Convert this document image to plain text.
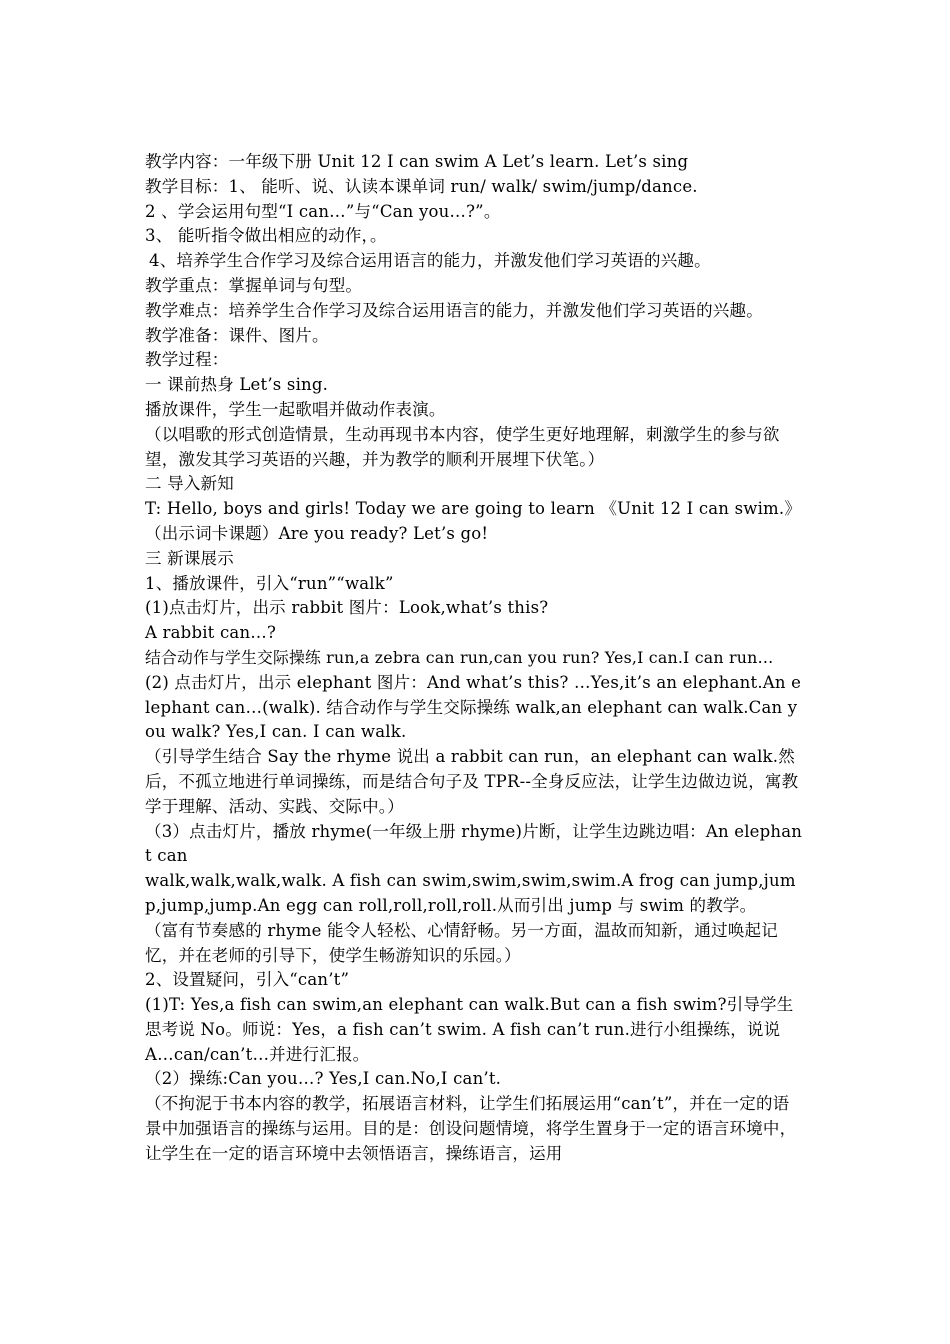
教学内容：一年级下册 Unit 12 I can swim A Let’s learn. Let’s sing

教学目标：1、 能听、说、认读本课单词 run/ walk/ swim/jump/dance.

2 、学会运用句型“I can…”与“Can you…?”。

3、 能听指令做出相应的动作，。

4、培养学生合作学习及综合运用语言的能力，并激发他们学习英语的兴趣。

教学重点：掌握单词与句型。

教学难点：培养学生合作学习及综合运用语言的能力，并激发他们学习英语的兴趣。

教学准备：课件、图片。

教学过程：

一 课前热身 Let’s sing.

播放课件，学生一起歌唱并做动作表演。

（以唱歌的形式创造情景，生动再现书本内容，使学生更好地理解，刺激学生的参与欲望，激发其学习英语的兴趣，并为教学的顺利开展埋下伏笔。）

二 导入新知

T: Hello, boys and girls! Today we are going to learn 《Unit 12 I can swim.》（出示词卡课题）Are you ready? Let’s go!

三 新课展示

1、播放课件，引入“run”“walk”

(1)点击灯片，出示 rabbit 图片：Look,what’s this?

A rabbit can…?

结合动作与学生交际操练 run,a zebra can run,can you run? Yes,I can.I can run…

(2) 点击灯片，出示 elephant 图片：And what’s this? …Yes,it’s an elephant.An elephant can…(walk). 结合动作与学生交际操练 walk,an elephant can walk.Can you walk? Yes,I can. I can walk.

（引导学生结合 Say the rhyme 说出 a rabbit can run，an elephant can walk.然后，不孤立地进行单词操练，而是结合句子及 TPR--全身反应法，让学生边做边说，寓教学于理解、活动、实践、交际中。）

（3）点击灯片，播放 rhyme(一年级上册 rhyme)片断，让学生边跳边唱：An elephant can

walk,walk,walk,walk. A fish can swim,swim,swim,swim.A frog can jump,jump,jump,jump.An egg can roll,roll,roll,roll.从而引出 jump 与 swim 的教学。

（富有节奏感的 rhyme 能令人轻松、心情舒畅。另一方面，温故而知新，通过唤起记忆，并在老师的引导下，使学生畅游知识的乐园。）

2、设置疑问，引入“can’t”

(1)T: Yes,a fish can swim,an elephant can walk.But can a fish swim?引导学生思考说 No。师说：Yes，a fish can’t swim. A fish can’t run.进行小组操练，说说 A…can/can’t…并进行汇报。

（2）操练:Can you…? Yes,I can.No,I can’t.

（不拘泥于书本内容的教学，拓展语言材料，让学生们拓展运用“can’t”，并在一定的语景中加强语言的操练与运用。目的是：创设问题情境，将学生置身于一定的语言环境中，让学生在一定的语言环境中去领悟语言，操练语言，运用
